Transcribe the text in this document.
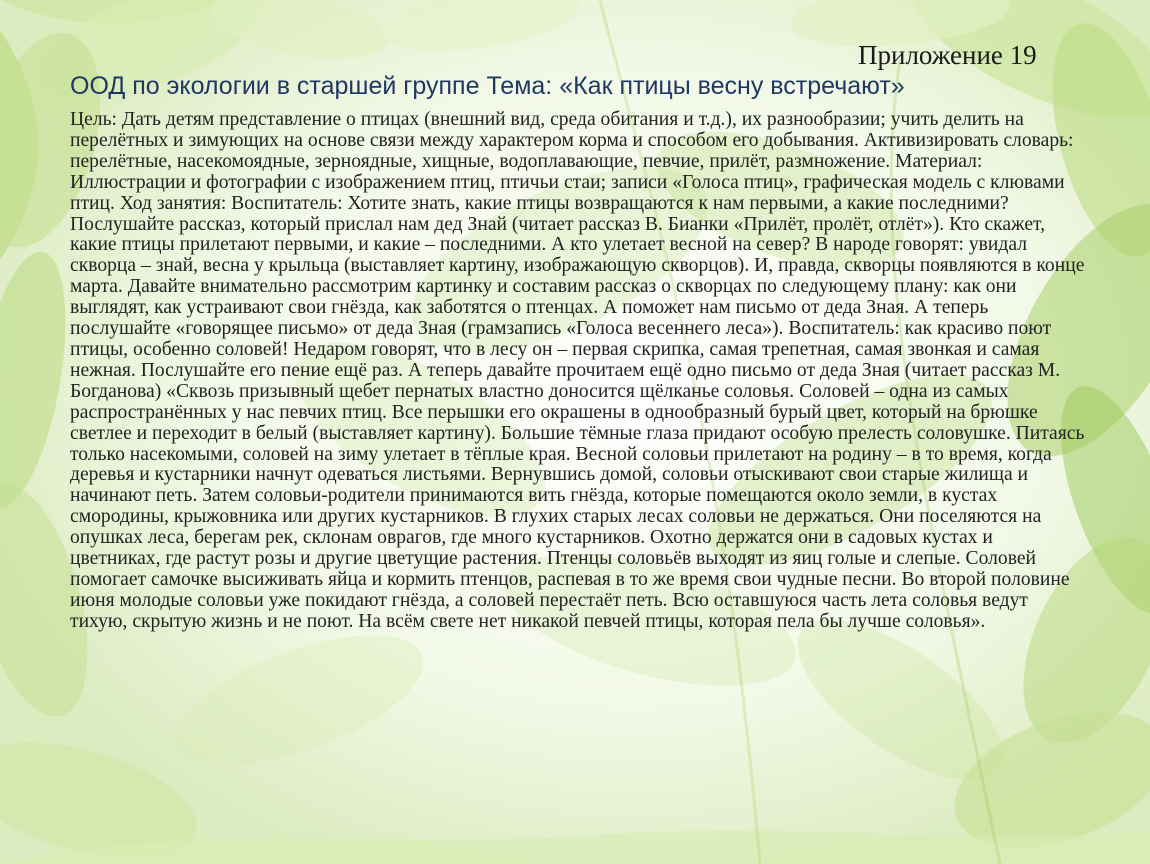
Приложение 19

ООД по экологии в старшей группе Тема: «Как птицы весну встречают»

Цель: Дать детям представление о птицах (внешний вид, среда обитания и т.д.), их разнообразии; учить делить на перелётных и зимующих на основе связи между характером корма и способом его добывания. Активизировать словарь: перелётные, насекомоядные, зерноядные, хищные, водоплавающие, певчие, прилёт, размножение. Материал: Иллюстрации и фотографии с изображением птиц, птичьи стаи; записи «Голоса птиц», графическая модель с клювами птиц. Ход занятия: Воспитатель: Хотите знать, какие птицы возвращаются к нам первыми, а какие последними? Послушайте рассказ, который прислал нам дед Знай (читает рассказ В. Бианки «Прилёт, пролёт, отлёт»). Кто скажет, какие птицы прилетают первыми, и какие – последними. А кто улетает весной на север? В народе говорят: увидал скворца – знай, весна у крыльца (выставляет картину, изображающую скворцов). И, правда, скворцы появляются в конце марта. Давайте внимательно рассмотрим картинку и составим рассказ о скворцах по следующему плану: как они выглядят, как устраивают свои гнёзда, как заботятся о птенцах. А поможет нам письмо от деда Зная. А теперь послушайте «говорящее письмо» от деда Зная (грамзапись «Голоса весеннего леса»). Воспитатель: как красиво поют птицы, особенно соловей! Недаром говорят, что в лесу он – первая скрипка, самая трепетная, самая звонкая и самая нежная. Послушайте его пение ещё раз. А теперь давайте прочитаем ещё одно письмо от деда Зная (читает рассказ М. Богданова) «Сквозь призывный щебет пернатых властно доносится щёлканье соловья. Соловей – одна из самых распространённых у нас певчих птиц. Все перышки его окрашены в однообразный бурый цвет, который на брюшке светлее и переходит в белый (выставляет картину). Большие тёмные глаза придают особую прелесть соловушке. Питаясь только насекомыми, соловей на зиму улетает в тёплые края. Весной соловьи прилетают на родину – в то время, когда деревья и кустарники начнут одеваться листьями. Вернувшись домой, соловьи отыскивают свои старые жилища и начинают петь. Затем соловьи-родители принимаются вить гнёзда, которые помещаются около земли, в кустах смородины, крыжовника или других кустарников. В глухих старых лесах соловьи не держаться. Они поселяются на опушках леса, берегам рек, склонам оврагов, где много кустарников. Охотно держатся они в садовых кустах и цветниках, где растут розы и другие цветущие растения. Птенцы соловьёв выходят из яиц голые и слепые. Соловей помогает самочке высиживать яйца и кормить птенцов, распевая в то же время свои чудные песни. Во второй половине июня молодые соловьи уже покидают гнёзда, а соловей перестаёт петь. Всю оставшуюся часть лета соловья ведут тихую, скрытую жизнь и не поют. На всём свете нет никакой певчей птицы, которая пела бы лучше соловья».
